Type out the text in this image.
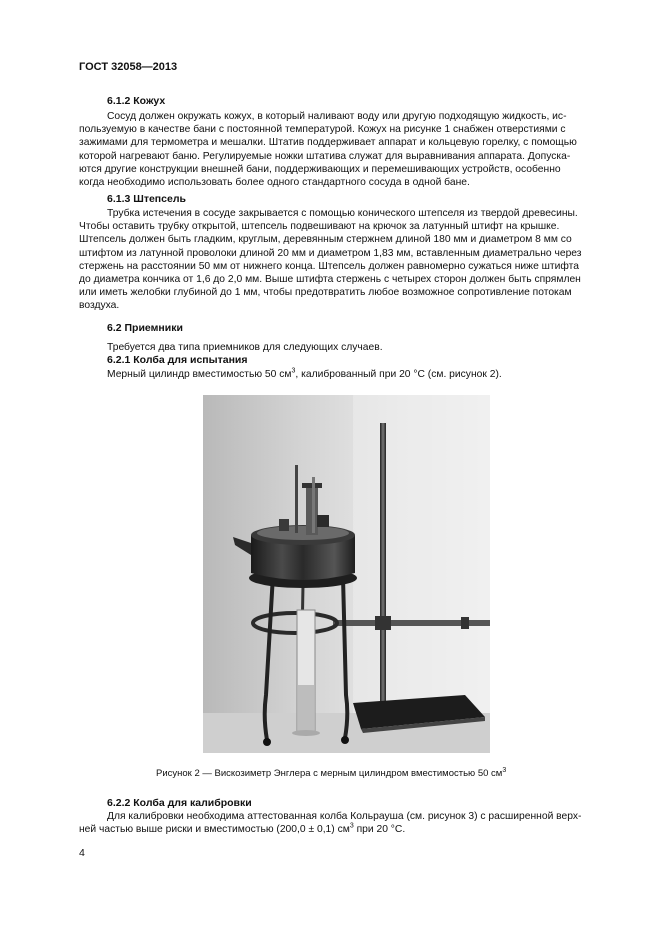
ГОСТ 32058—2013
6.1.2 Кожух
Сосуд должен окружать кожух, в который наливают воду или другую подходящую жидкость, ис-
пользуемую в качестве бани с постоянной температурой. Кожух на рисунке 1 снабжен отверстиями с
зажимами для термометра и мешалки. Штатив поддерживает аппарат и кольцевую горелку, с помощью
которой нагревают баню. Регулируемые ножки штатива служат для выравнивания аппарата. Допуска-
ются другие конструкции внешней бани, поддерживающих и перемешивающих устройств, особенно
когда необходимо использовать более одного стандартного сосуда в одной бане.
6.1.3 Штепсель
Трубка истечения в сосуде закрывается с помощью конического штепселя из твердой древесины.
Чтобы оставить трубку открытой, штепсель подвешивают на крючок за латунный штифт на крышке.
Штепсель должен быть гладким, круглым, деревянным стержнем длиной 180 мм и диаметром 8 мм со
штифтом из латунной проволоки длиной 20 мм и диаметром 1,83 мм, вставленным диаметрально через
стержень на расстоянии 50 мм от нижнего конца. Штепсель должен равномерно сужаться ниже штифта
до диаметра кончика от 1,6 до 2,0 мм. Выше штифта стержень с четырех сторон должен быть спрямлен
или иметь желобки глубиной до 1 мм, чтобы предотвратить любое возможное сопротивление потокам
воздуха.
6.2 Приемники
Требуется два типа приемников для следующих случаев.
6.2.1 Колба для испытания
Мерный цилиндр вместимостью 50 $см^3$, калиброванный при 20 °С (см. рисунок 2).
Рисунок 2 — Вискозиметр Энглера с мерным цилиндром вместимостью 50 $см^3$
6.2.2 Колба для калибровки
Для калибровки необходима аттестованная колба Кольрауша (см. рисунок 3) с расширенной верх-
ней частью выше риски и вместимостью (200,0 ± 0,1) $см^3$ при 20 °С.
4
